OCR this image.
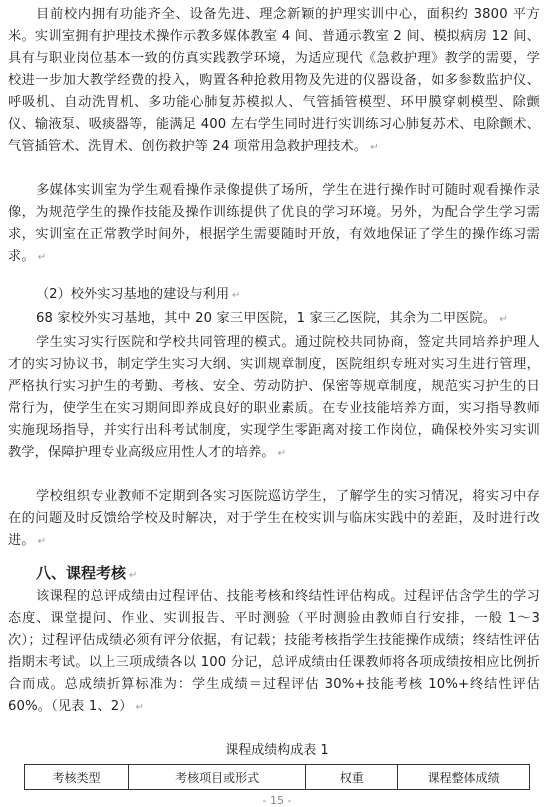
目前校内拥有功能齐全、设备先进、理念新颖的护理实训中心，面积约 3800 平方米。实训室拥有护理技术操作示教多媒体教室 4 间、普通示教室 2 间、模拟病房 12 间、具有与职业岗位基本一致的仿真实践教学环境，为适应现代《急救护理》教学的需要，学校进一步加大教学经费的投入，购置各种抢救用物及先进的仪器设备，如多参数监护仪、呼吸机、自动洗胃机、多功能心肺复苏模拟人、气管插管模型、环甲膜穿刺模型、除颤仪、输液泵、吸痰器等，能满足 400 左右学生同时进行实训练习心肺复苏术、电除颤术、气管插管术、洗胃术、创伤救护等 24 项常用急救护理技术。 ↵

多媒体实训室为学生观看操作录像提供了场所，学生在进行操作时可随时观看操作录像，为规范学生的操作技能及操作训练提供了优良的学习环境。另外，为配合学生学习需求，实训室在正常教学时间外，根据学生需要随时开放，有效地保证了学生的操作练习需求。 ↵

（2）校外实习基地的建设与利用 ↵

68 家校外实习基地，其中 20 家三甲医院，1 家三乙医院，其余为二甲医院。 ↵

学生实习实行医院和学校共同管理的模式。通过院校共同协商，签定共同培养护理人才的实习协议书，制定学生实习大纲、实训规章制度，医院组织专班对实习生进行管理，严格执行实习护生的考勤、考核、安全、劳动防护、保密等规章制度，规范实习护生的日常行为，使学生在实习期间即养成良好的职业素质。在专业技能培养方面，实习指导教师实施现场指导，并实行出科考试制度，实现学生零距离对接工作岗位，确保校外实习实训教学，保障护理专业高级应用性人才的培养。 ↵

学校组织专业教师不定期到各实习医院巡访学生，了解学生的实习情况，将实习中存在的问题及时反馈给学校及时解决，对于学生在校实训与临床实践中的差距，及时进行改进。 ↵

八、课程考核 ↵

该课程的总评成绩由过程评估、技能考核和终结性评估构成。过程评估含学生的学习态度、课堂提问、作业、实训报告、平时测验（平时测验由教师自行安排，一般 1～3 次）；过程评估成绩必须有评分依据，有记载；技能考核指学生技能操作成绩；终结性评估指期末考试。以上三项成绩各以 100 分记，总评成绩由任课教师将各项成绩按相应比例折合而成。总成绩折算标准为：学生成绩＝过程评估 30%+技能考核 10%+终结性评估 60%。（见表 1、2） ↵

课程成绩构成表 1
考核类型	考核项目或形式	权重	课程整体成绩
- 15 -
